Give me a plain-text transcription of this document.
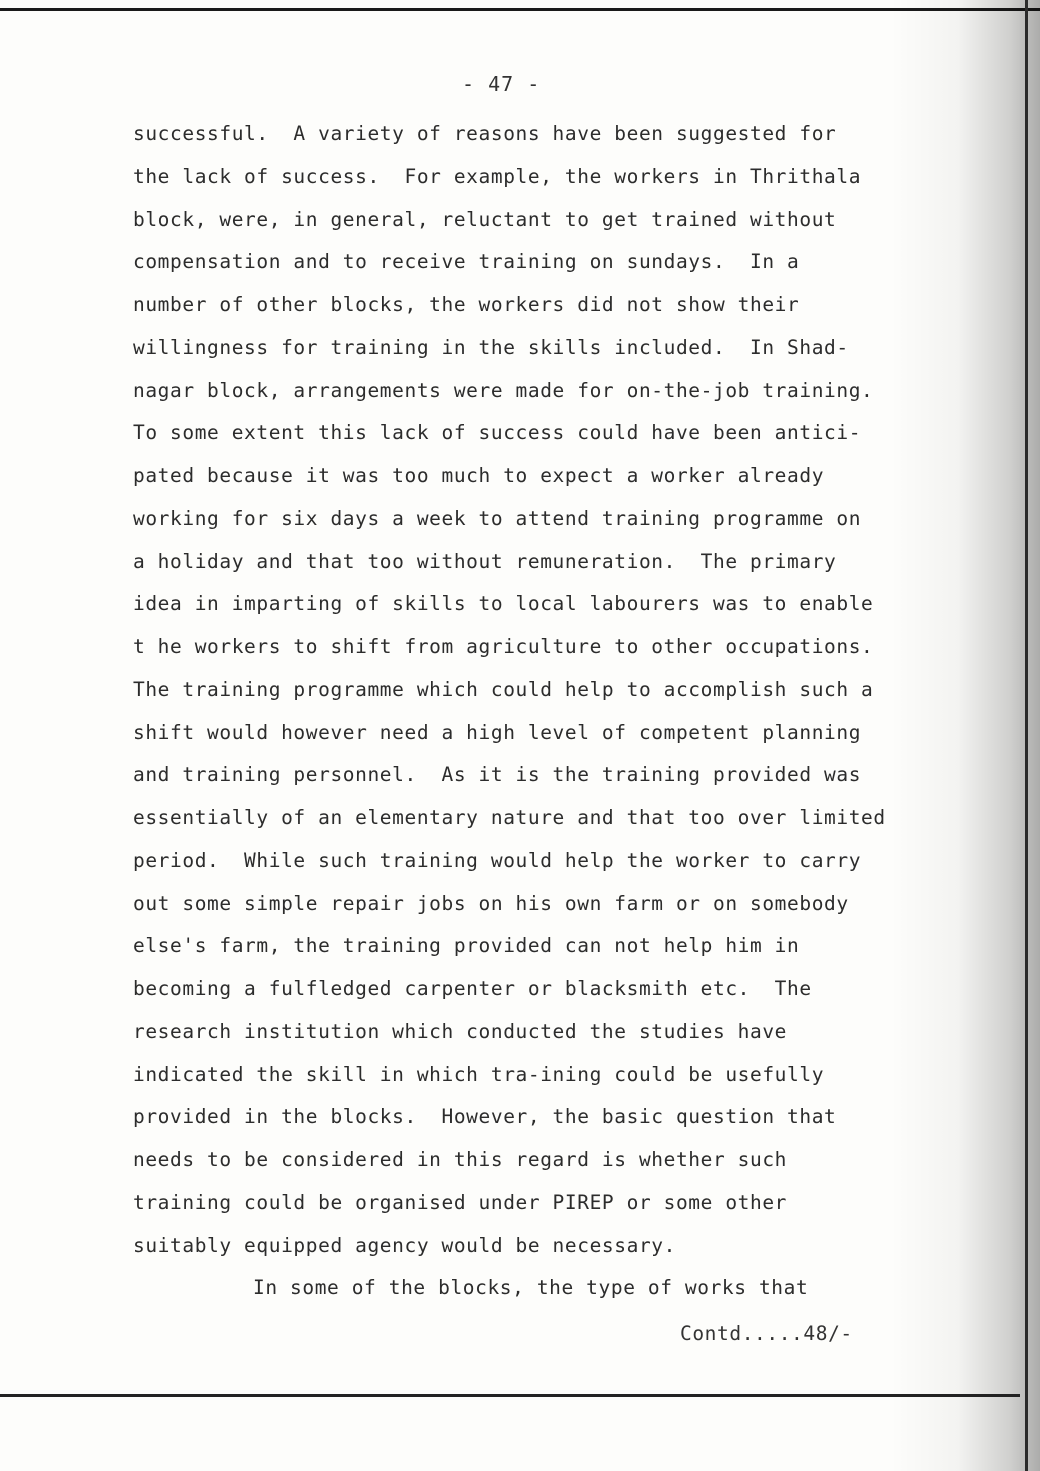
- 47 -
successful.  A variety of reasons have been suggested for
the lack of success.  For example, the workers in Thrithala
block, were, in general, reluctant to get trained without
compensation and to receive training on sundays.  In a
number of other blocks, the workers did not show their
willingness for training in the skills included.  In Shad-
nagar block, arrangements were made for on-the-job training.
To some extent this lack of success could have been antici-
pated because it was too much to expect a worker already
working for six days a week to attend training programme on
a holiday and that too without remuneration.  The primary
idea in imparting of skills to local labourers was to enable
t he workers to shift from agriculture to other occupations.
The training programme which could help to accomplish such a
shift would however need a high level of competent planning
and training personnel.  As it is the training provided was
essentially of an elementary nature and that too over limited
period.  While such training would help the worker to carry
out some simple repair jobs on his own farm or on somebody
else's farm, the training provided can not help him in
becoming a fulfledged carpenter or blacksmith etc.  The
research institution which conducted the studies have
indicated the skill in which tra-ining could be usefully
provided in the blocks.  However, the basic question that
needs to be considered in this regard is whether such
training could be organised under PIREP or some other
suitably equipped agency would be necessary.
In some of the blocks, the type of works that
Contd.....48/-
